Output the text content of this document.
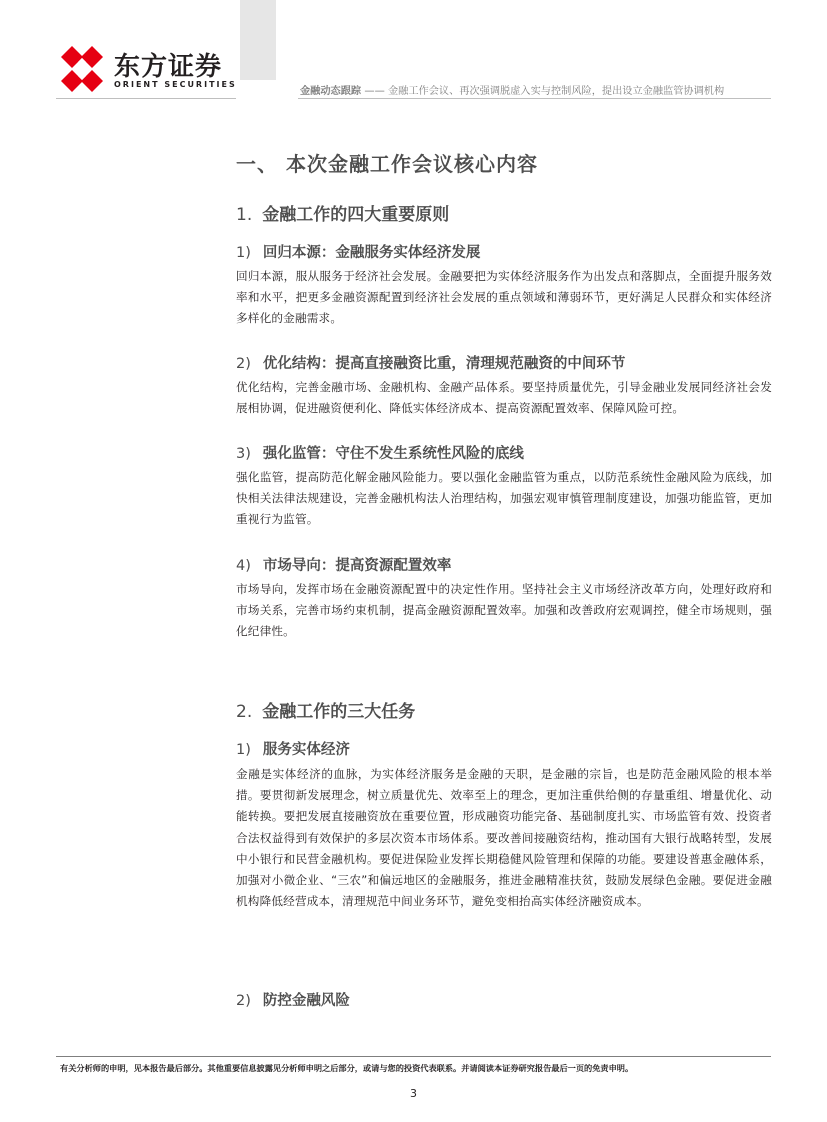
东方证券
ORIENT SECURITIES
金融动态跟踪 —— 金融工作会议、再次强调脱虚入实与控制风险，提出设立金融监管协调机构
一、 本次金融工作会议核心内容
1. 金融工作的四大重要原则
1) 回归本源：金融服务实体经济发展

回归本源，服从服务于经济社会发展。金融要把为实体经济服务作为出发点和落脚点，全面提升服务效率和水平，把更多金融资源配置到经济社会发展的重点领域和薄弱环节，更好满足人民群众和实体经济多样化的金融需求。

2) 优化结构：提高直接融资比重，清理规范融资的中间环节

优化结构，完善金融市场、金融机构、金融产品体系。要坚持质量优先，引导金融业发展同经济社会发展相协调，促进融资便利化、降低实体经济成本、提高资源配置效率、保障风险可控。

3) 强化监管：守住不发生系统性风险的底线

强化监管，提高防范化解金融风险能力。要以强化金融监管为重点，以防范系统性金融风险为底线，加快相关法律法规建设，完善金融机构法人治理结构，加强宏观审慎管理制度建设，加强功能监管，更加重视行为监管。

4) 市场导向：提高资源配置效率

市场导向，发挥市场在金融资源配置中的决定性作用。坚持社会主义市场经济改革方向，处理好政府和市场关系，完善市场约束机制，提高金融资源配置效率。加强和改善政府宏观调控，健全市场规则，强化纪律性。

2. 金融工作的三大任务
1) 服务实体经济

金融是实体经济的血脉，为实体经济服务是金融的天职，是金融的宗旨，也是防范金融风险的根本举措。要贯彻新发展理念，树立质量优先、效率至上的理念，更加注重供给侧的存量重组、增量优化、动能转换。要把发展直接融资放在重要位置，形成融资功能完备、基础制度扎实、市场监管有效、投资者合法权益得到有效保护的多层次资本市场体系。要改善间接融资结构，推动国有大银行战略转型，发展中小银行和民营金融机构。要促进保险业发挥长期稳健风险管理和保障的功能。要建设普惠金融体系，加强对小微企业、“三农”和偏远地区的金融服务，推进金融精准扶贫，鼓励发展绿色金融。要促进金融机构降低经营成本，清理规范中间业务环节，避免变相抬高实体经济融资成本。

2) 防控金融风险
有关分析师的申明，见本报告最后部分。其他重要信息披露见分析师申明之后部分，或请与您的投资代表联系。并请阅读本证券研究报告最后一页的免责申明。
3
